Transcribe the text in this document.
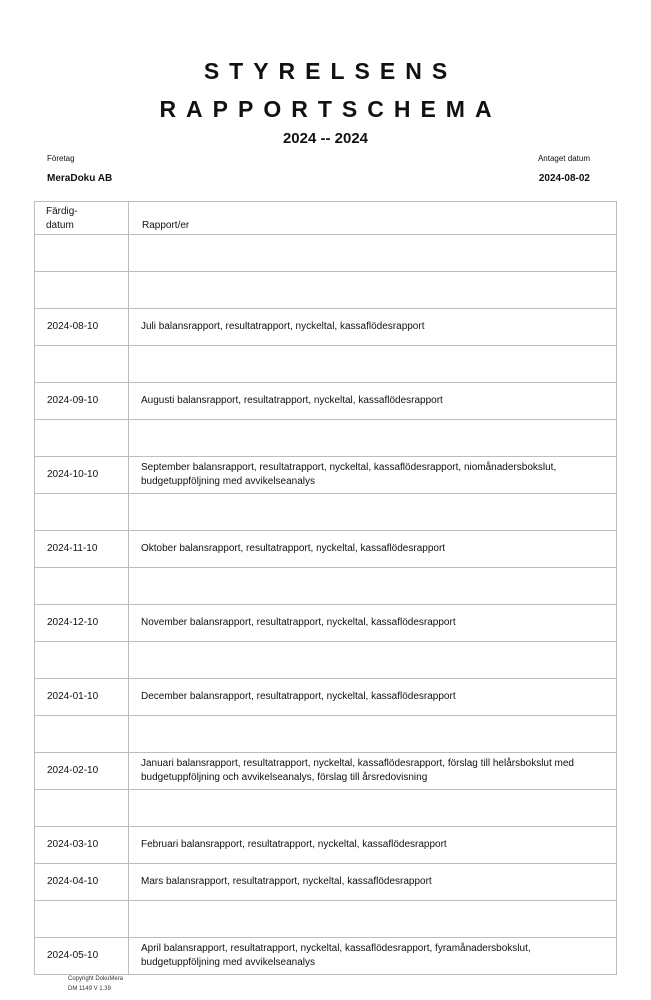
STYRELSENS
RAPPORTSCHEMA
2024 -- 2024
Företag
MeraDoku AB
Antaget datum
2024-08-02
Färdig-
datum	Rapport/er

2024-08-10	Juli balansrapport, resultatrapport, nyckeltal, kassaflödesrapport

2024-09-10	Augusti balansrapport, resultatrapport, nyckeltal, kassaflödesrapport

2024-10-10	September balansrapport, resultatrapport, nyckeltal, kassaflödesrapport, niomånadersbokslut, budgetuppföljning med avvikelseanalys

2024-11-10	Oktober balansrapport, resultatrapport, nyckeltal, kassaflödesrapport

2024-12-10	November balansrapport, resultatrapport, nyckeltal, kassaflödesrapport

2024-01-10	December balansrapport, resultatrapport, nyckeltal, kassaflödesrapport

2024-02-10	Januari balansrapport, resultatrapport, nyckeltal, kassaflödesrapport, förslag till helårsbokslut med budgetuppföljning och avvikelseanalys, förslag till årsredovisning

2024-03-10	Februari balansrapport, resultatrapport, nyckeltal, kassaflödesrapport
2024-04-10	Mars balansrapport, resultatrapport, nyckeltal, kassaflödesrapport

2024-05-10	April balansrapport, resultatrapport, nyckeltal, kassaflödesrapport, fyramånadersbokslut, budgetuppföljning med avvikelseanalys
Copyright DokuMera
DM 1149 V 1.39
